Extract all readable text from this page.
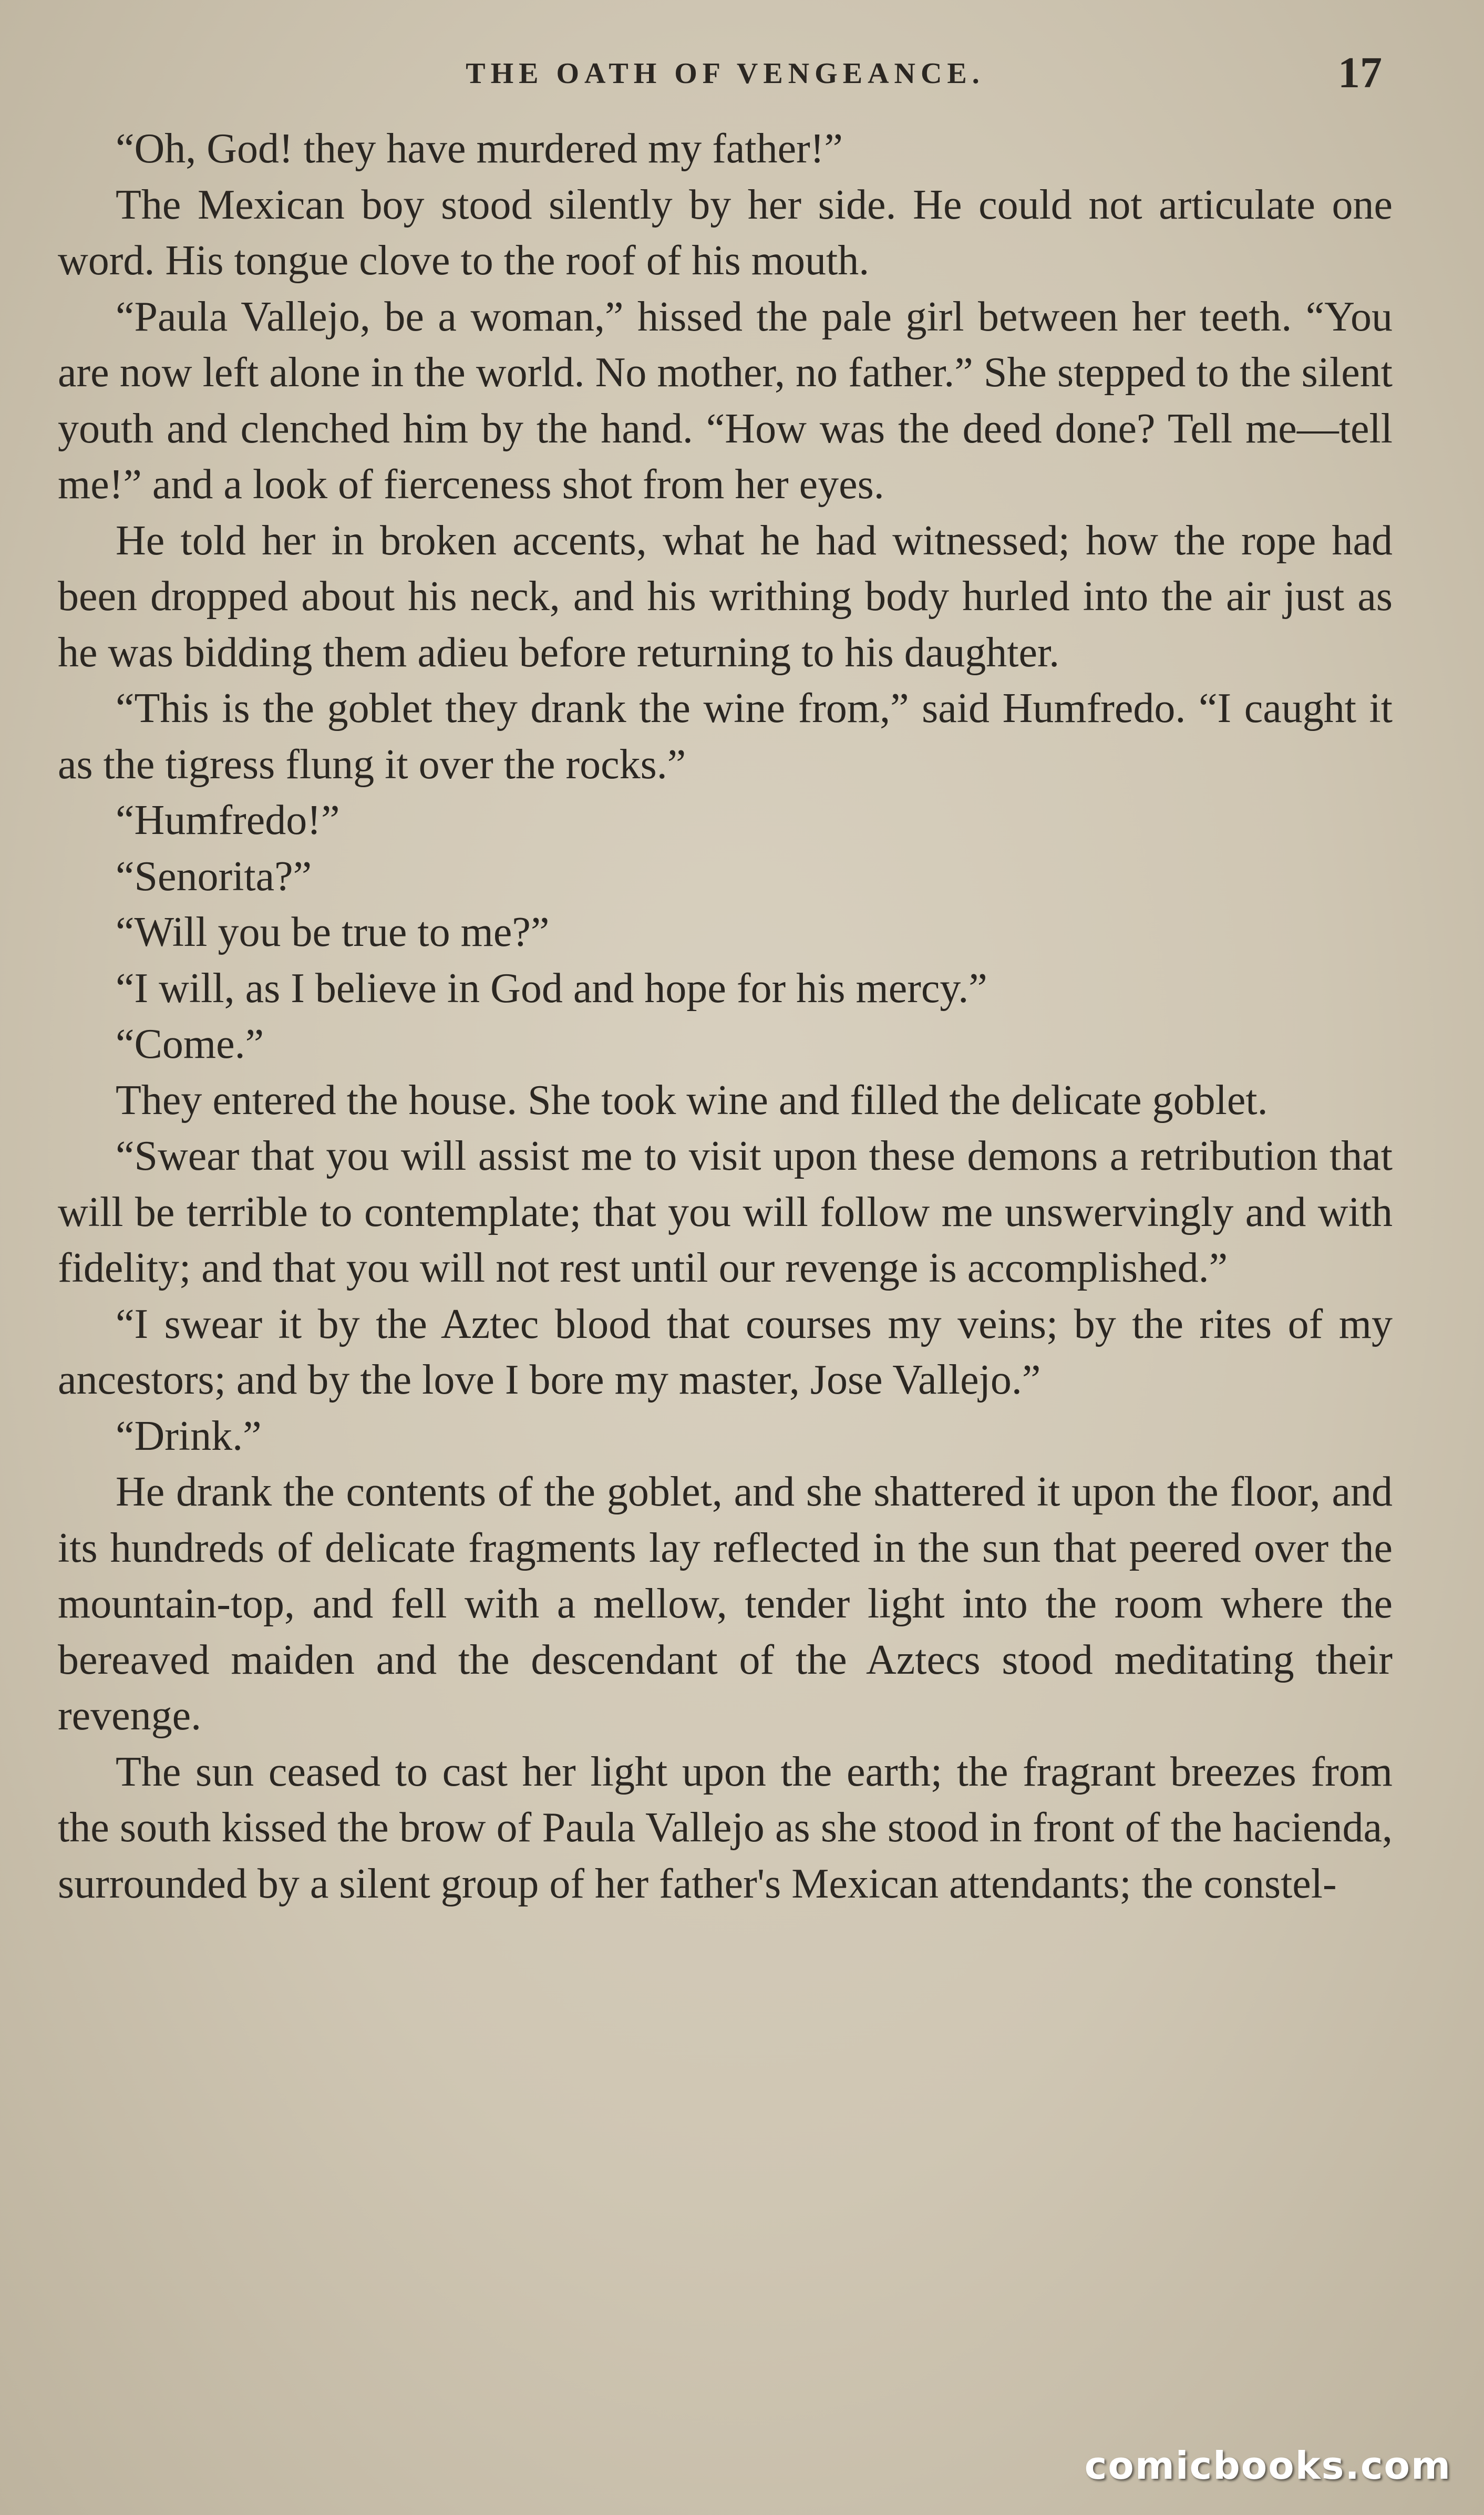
THE OATH OF VENGEANCE.	17

“Oh, God! they have murdered my father!”

The Mexican boy stood silently by her side. He could not articulate one word. His tongue clove to the roof of his mouth.

“Paula Vallejo, be a woman,” hissed the pale girl between her teeth. “You are now left alone in the world. No mother, no father.” She stepped to the silent youth and clenched him by the hand. “How was the deed done? Tell me—tell me!” and a look of fierceness shot from her eyes.

He told her in broken accents, what he had witnessed; how the rope had been dropped about his neck, and his writhing body hurled into the air just as he was bidding them adieu before returning to his daughter.

“This is the goblet they drank the wine from,” said Humfredo. “I caught it as the tigress flung it over the rocks.”

“Humfredo!”

“Senorita?”

“Will you be true to me?”

“I will, as I believe in God and hope for his mercy.”

“Come.”

They entered the house. She took wine and filled the delicate goblet.

“Swear that you will assist me to visit upon these demons a retribution that will be terrible to contemplate; that you will follow me unswervingly and with fidelity; and that you will not rest until our revenge is accomplished.”

“I swear it by the Aztec blood that courses my veins; by the rites of my ancestors; and by the love I bore my master, Jose Vallejo.”

“Drink.”

He drank the contents of the goblet, and she shattered it upon the floor, and its hundreds of delicate fragments lay reflected in the sun that peered over the mountain-top, and fell with a mellow, tender light into the room where the bereaved maiden and the descendant of the Aztecs stood meditating their revenge.

The sun ceased to cast her light upon the earth; the fragrant breezes from the south kissed the brow of Paula Vallejo as she stood in front of the hacienda, surrounded by a silent group of her father's Mexican attendants; the constel-

comicbooks.com
